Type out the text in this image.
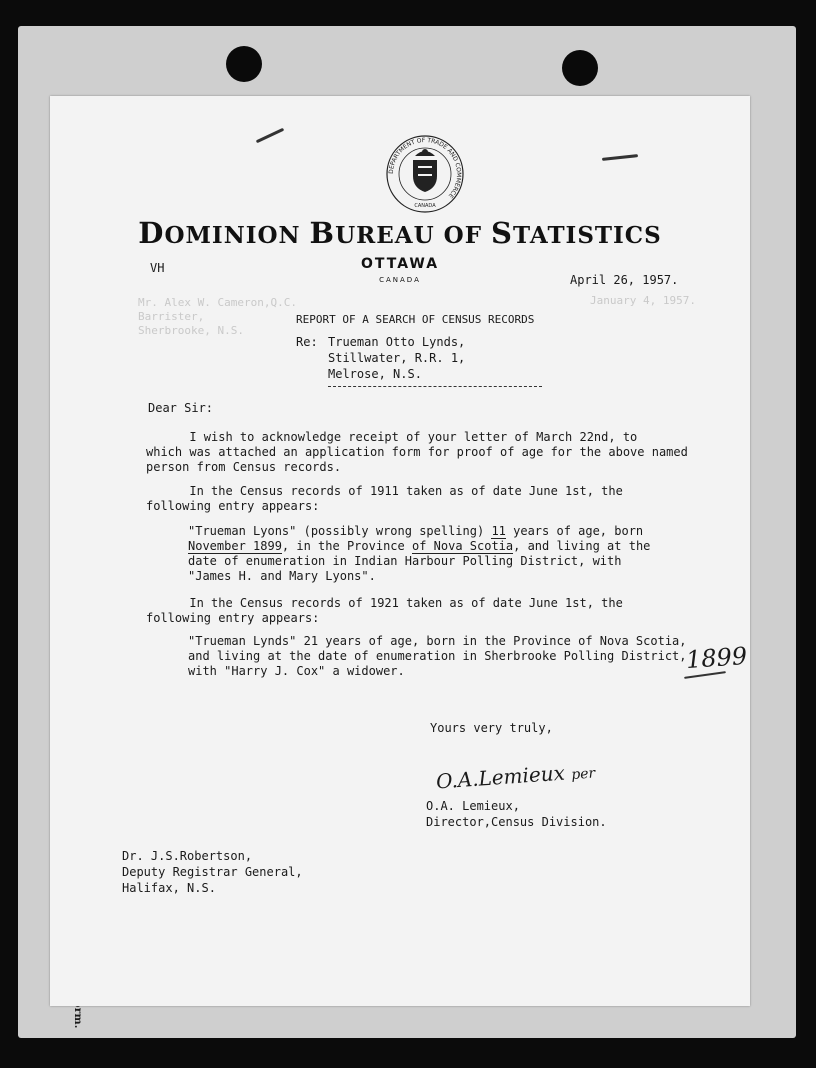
Mr. Alex W. Cameron,Q.C.
Barrister,
Sherbrooke, N.S.
January 4, 1957.
DEPARTMENT OF TRADE AND COMMERCE
CANADA
DOMINION BUREAU OF STATISTICS
OTTAWA
CANADA
VH
April 26, 1957.
REPORT OF A SEARCH OF CENSUS RECORDS
Re: Trueman Otto Lynds,
Stillwater, R.R. 1,
Melrose, N.S.
Dear Sir:
I wish to acknowledge receipt of your letter of March 22nd, to
which was attached an application form for proof of age for the above named
person from Census records.
In the Census records of 1911 taken as of date June 1st, the
following entry appears:
"Trueman Lyons" (possibly wrong spelling) 11 years of age, born
November 1899, in the Province of Nova Scotia, and living at the
date of enumeration in Indian Harbour Polling District, with
"James H. and Mary Lyons".
In the Census records of 1921 taken as of date June 1st, the
following entry appears:
"Trueman Lynds" 21 years of age, born in the Province of Nova Scotia,
and living at the date of enumeration in Sherbrooke Polling District,
with "Harry J. Cox" a widower.	1899
Yours very truly,
O.A.Lemieux per
O.A. Lemieux,
Director,Census Division.
Dr. J.S.Robertson,
Deputy Registrar General,
Halifax, N.S.
